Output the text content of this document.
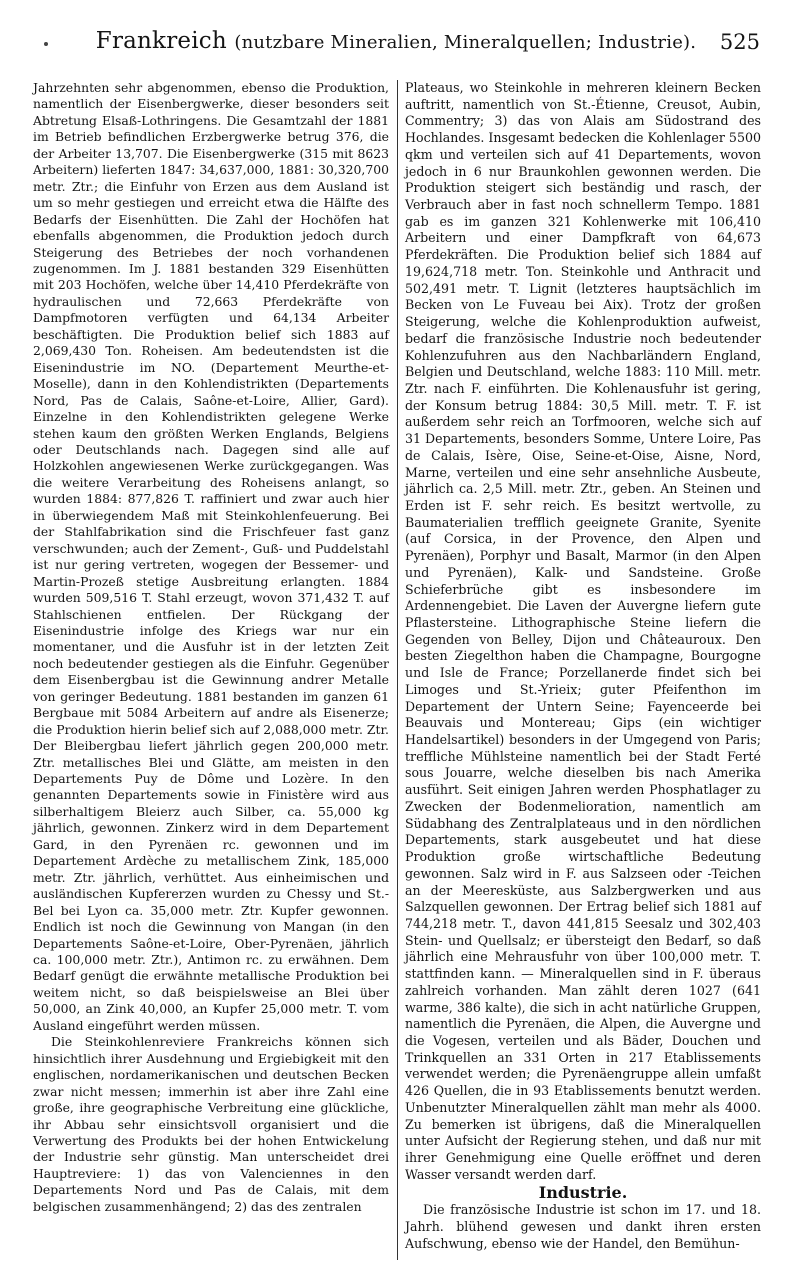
Frankreich (nutzbare Mineralien, Mineralquellen; Industrie).	525

Jahrzehnten sehr abgenommen, ebenso die Produktion, namentlich der Eisenbergwerke, dieser besonders seit Abtretung Elsaß-Lothringens. Die Gesamtzahl der 1881 im Betrieb befindlichen Erzbergwerke betrug 376, die der Arbeiter 13,707. Die Eisenbergwerke (315 mit 8623 Arbeitern) lieferten 1847: 34,637,000, 1881: 30,320,700 metr. Ztr.; die Einfuhr von Erzen aus dem Ausland ist um so mehr gestiegen und erreicht etwa die Hälfte des Bedarfs der Eisenhütten. Die Zahl der Hochöfen hat ebenfalls abgenommen, die Produktion jedoch durch Steigerung des Betriebes der noch vorhandenen zugenommen. Im J. 1881 bestanden 329 Eisenhütten mit 203 Hochöfen, welche über 14,410 Pferdekräfte von hydraulischen und 72,663 Pferdekräfte von Dampfmotoren verfügten und 64,134 Arbeiter beschäftigten. Die Produktion belief sich 1883 auf 2,069,430 Ton. Roheisen. Am bedeutendsten ist die Eisenindustrie im NO. (Departement Meurthe-et-Moselle), dann in den Kohlendistrikten (Departements Nord, Pas de Calais, Saône-et-Loire, Allier, Gard). Einzelne in den Kohlendistrikten gelegene Werke stehen kaum den größten Werken Englands, Belgiens oder Deutschlands nach. Dagegen sind alle auf Holzkohlen angewiesenen Werke zurückgegangen. Was die weitere Verarbeitung des Roheisens anlangt, so wurden 1884: 877,826 T. raffiniert und zwar auch hier in überwiegendem Maß mit Steinkohlenfeuerung. Bei der Stahlfabrikation sind die Frischfeuer fast ganz verschwunden; auch der Zement-, Guß- und Puddelstahl ist nur gering vertreten, wogegen der Bessemer- und Martin-Prozeß stetige Ausbreitung erlangten. 1884 wurden 509,516 T. Stahl erzeugt, wovon 371,432 T. auf Stahlschienen entfielen. Der Rückgang der Eisenindustrie infolge des Kriegs war nur ein momentaner, und die Ausfuhr ist in der letzten Zeit noch bedeutender gestiegen als die Einfuhr. Gegenüber dem Eisenbergbau ist die Gewinnung andrer Metalle von geringer Bedeutung. 1881 bestanden im ganzen 61 Bergbaue mit 5084 Arbeitern auf andre als Eisenerze; die Produktion hierin belief sich auf 2,088,000 metr. Ztr. Der Bleibergbau liefert jährlich gegen 200,000 metr. Ztr. metallisches Blei und Glätte, am meisten in den Departements Puy de Dôme und Lozère. In den genannten Departements sowie in Finistère wird aus silberhaltigem Bleierz auch Silber, ca. 55,000 kg jährlich, gewonnen. Zinkerz wird in dem Departement Gard, in den Pyrenäen rc. gewonnen und im Departement Ardèche zu metallischem Zink, 185,000 metr. Ztr. jährlich, verhüttet. Aus einheimischen und ausländischen Kupfererzen wurden zu Chessy und St.-Bel bei Lyon ca. 35,000 metr. Ztr. Kupfer gewonnen. Endlich ist noch die Gewinnung von Mangan (in den Departements Saône-et-Loire, Ober-Pyrenäen, jährlich ca. 100,000 metr. Ztr.), Antimon rc. zu erwähnen. Dem Bedarf genügt die erwähnte metallische Produktion bei weitem nicht, so daß beispielsweise an Blei über 50,000, an Zink 40,000, an Kupfer 25,000 metr. T. vom Ausland eingeführt werden müssen.

Die Steinkohlenreviere Frankreichs können sich hinsichtlich ihrer Ausdehnung und Ergiebigkeit mit den englischen, nordamerikanischen und deutschen Becken zwar nicht messen; immerhin ist aber ihre Zahl eine große, ihre geographische Verbreitung eine glückliche, ihr Abbau sehr einsichtsvoll organisiert und die Verwertung des Produkts bei der hohen Entwickelung der Industrie sehr günstig. Man unterscheidet drei Hauptreviere: 1) das von Valenciennes in den Departements Nord und Pas de Calais, mit dem belgischen zusammenhängend; 2) das des zentralen

Plateaus, wo Steinkohle in mehreren kleinern Becken auftritt, namentlich von St.-Étienne, Creusot, Aubin, Commentry; 3) das von Alais am Südostrand des Hochlandes. Insgesamt bedecken die Kohlenlager 5500 qkm und verteilen sich auf 41 Departements, wovon jedoch in 6 nur Braunkohlen gewonnen werden. Die Produktion steigert sich beständig und rasch, der Verbrauch aber in fast noch schnellerm Tempo. 1881 gab es im ganzen 321 Kohlenwerke mit 106,410 Arbeitern und einer Dampfkraft von 64,673 Pferdekräften. Die Produktion belief sich 1884 auf 19,624,718 metr. Ton. Steinkohle und Anthracit und 502,491 metr. T. Lignit (letzteres hauptsächlich im Becken von Le Fuveau bei Aix). Trotz der großen Steigerung, welche die Kohlenproduktion aufweist, bedarf die französische Industrie noch bedeutender Kohlenzufuhren aus den Nachbarländern England, Belgien und Deutschland, welche 1883: 110 Mill. metr. Ztr. nach F. einführten. Die Kohlenausfuhr ist gering, der Konsum betrug 1884: 30,5 Mill. metr. T. F. ist außerdem sehr reich an Torfmooren, welche sich auf 31 Departements, besonders Somme, Untere Loire, Pas de Calais, Isère, Oise, Seine-et-Oise, Aisne, Nord, Marne, verteilen und eine sehr ansehnliche Ausbeute, jährlich ca. 2,5 Mill. metr. Ztr., geben. An Steinen und Erden ist F. sehr reich. Es besitzt wertvolle, zu Baumaterialien trefflich geeignete Granite, Syenite (auf Corsica, in der Provence, den Alpen und Pyrenäen), Porphyr und Basalt, Marmor (in den Alpen und Pyrenäen), Kalk- und Sandsteine. Große Schieferbrüche gibt es insbesondere im Ardennengebiet. Die Laven der Auvergne liefern gute Pflastersteine. Lithographische Steine liefern die Gegenden von Belley, Dijon und Châteauroux. Den besten Ziegelthon haben die Champagne, Bourgogne und Isle de France; Porzellanerde findet sich bei Limoges und St.-Yrieix; guter Pfeifenthon im Departement der Untern Seine; Fayenceerde bei Beauvais und Montereau; Gips (ein wichtiger Handelsartikel) besonders in der Umgegend von Paris; treffliche Mühlsteine namentlich bei der Stadt Ferté sous Jouarre, welche dieselben bis nach Amerika ausführt. Seit einigen Jahren werden Phosphatlager zu Zwecken der Bodenmelioration, namentlich am Südabhang des Zentralplateaus und in den nördlichen Departements, stark ausgebeutet und hat diese Produktion große wirtschaftliche Bedeutung gewonnen. Salz wird in F. aus Salzseen oder -Teichen an der Meeresküste, aus Salzbergwerken und aus Salzquellen gewonnen. Der Ertrag belief sich 1881 auf 744,218 metr. T., davon 441,815 Seesalz und 302,403 Stein- und Quellsalz; er übersteigt den Bedarf, so daß jährlich eine Mehrausfuhr von über 100,000 metr. T. stattfinden kann. — Mineralquellen sind in F. überaus zahlreich vorhanden. Man zählt deren 1027 (641 warme, 386 kalte), die sich in acht natürliche Gruppen, namentlich die Pyrenäen, die Alpen, die Auvergne und die Vogesen, verteilen und als Bäder, Douchen und Trinkquellen an 331 Orten in 217 Etablissements verwendet werden; die Pyrenäengruppe allein umfaßt 426 Quellen, die in 93 Etablissements benutzt werden. Unbenutzter Mineralquellen zählt man mehr als 4000. Zu bemerken ist übrigens, daß die Mineralquellen unter Aufsicht der Regierung stehen, und daß nur mit ihrer Genehmigung eine Quelle eröffnet und deren Wasser versandt werden darf.

Industrie.

Die französische Industrie ist schon im 17. und 18. Jahrh. blühend gewesen und dankt ihren ersten Aufschwung, ebenso wie der Handel, den Bemühun-
